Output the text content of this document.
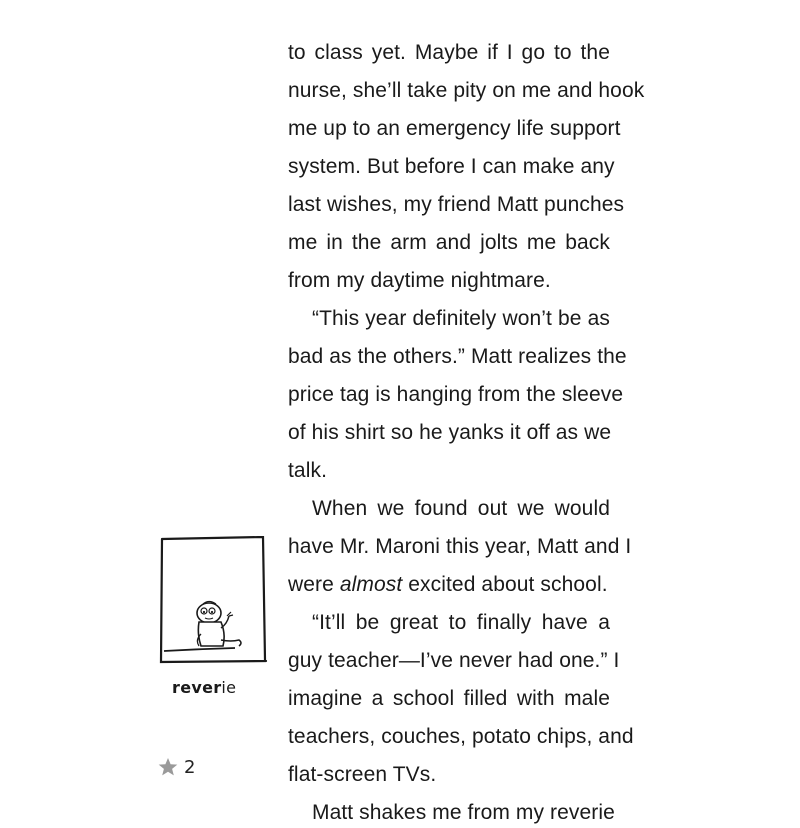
to class yet. Maybe if I go to the
nurse, she’ll take pity on me and hook
me up to an emergency life support
system. But before I can make any
last wishes, my friend Matt punches
me in the arm and jolts me back
from my daytime nightmare.
“This year definitely won’t be as
bad as the others.” Matt realizes the
price tag is hanging from the sleeve
of his shirt so he yanks it off as we
talk.
When we found out we would
have Mr. Maroni this year, Matt and I
were almost excited about school.
“It’ll be great to finally have a
guy teacher—I’ve never had one.” I
imagine a school filled with male
teachers, couches, potato chips, and
flat-screen TVs.
Matt shakes me from my reverie
reverie
2
